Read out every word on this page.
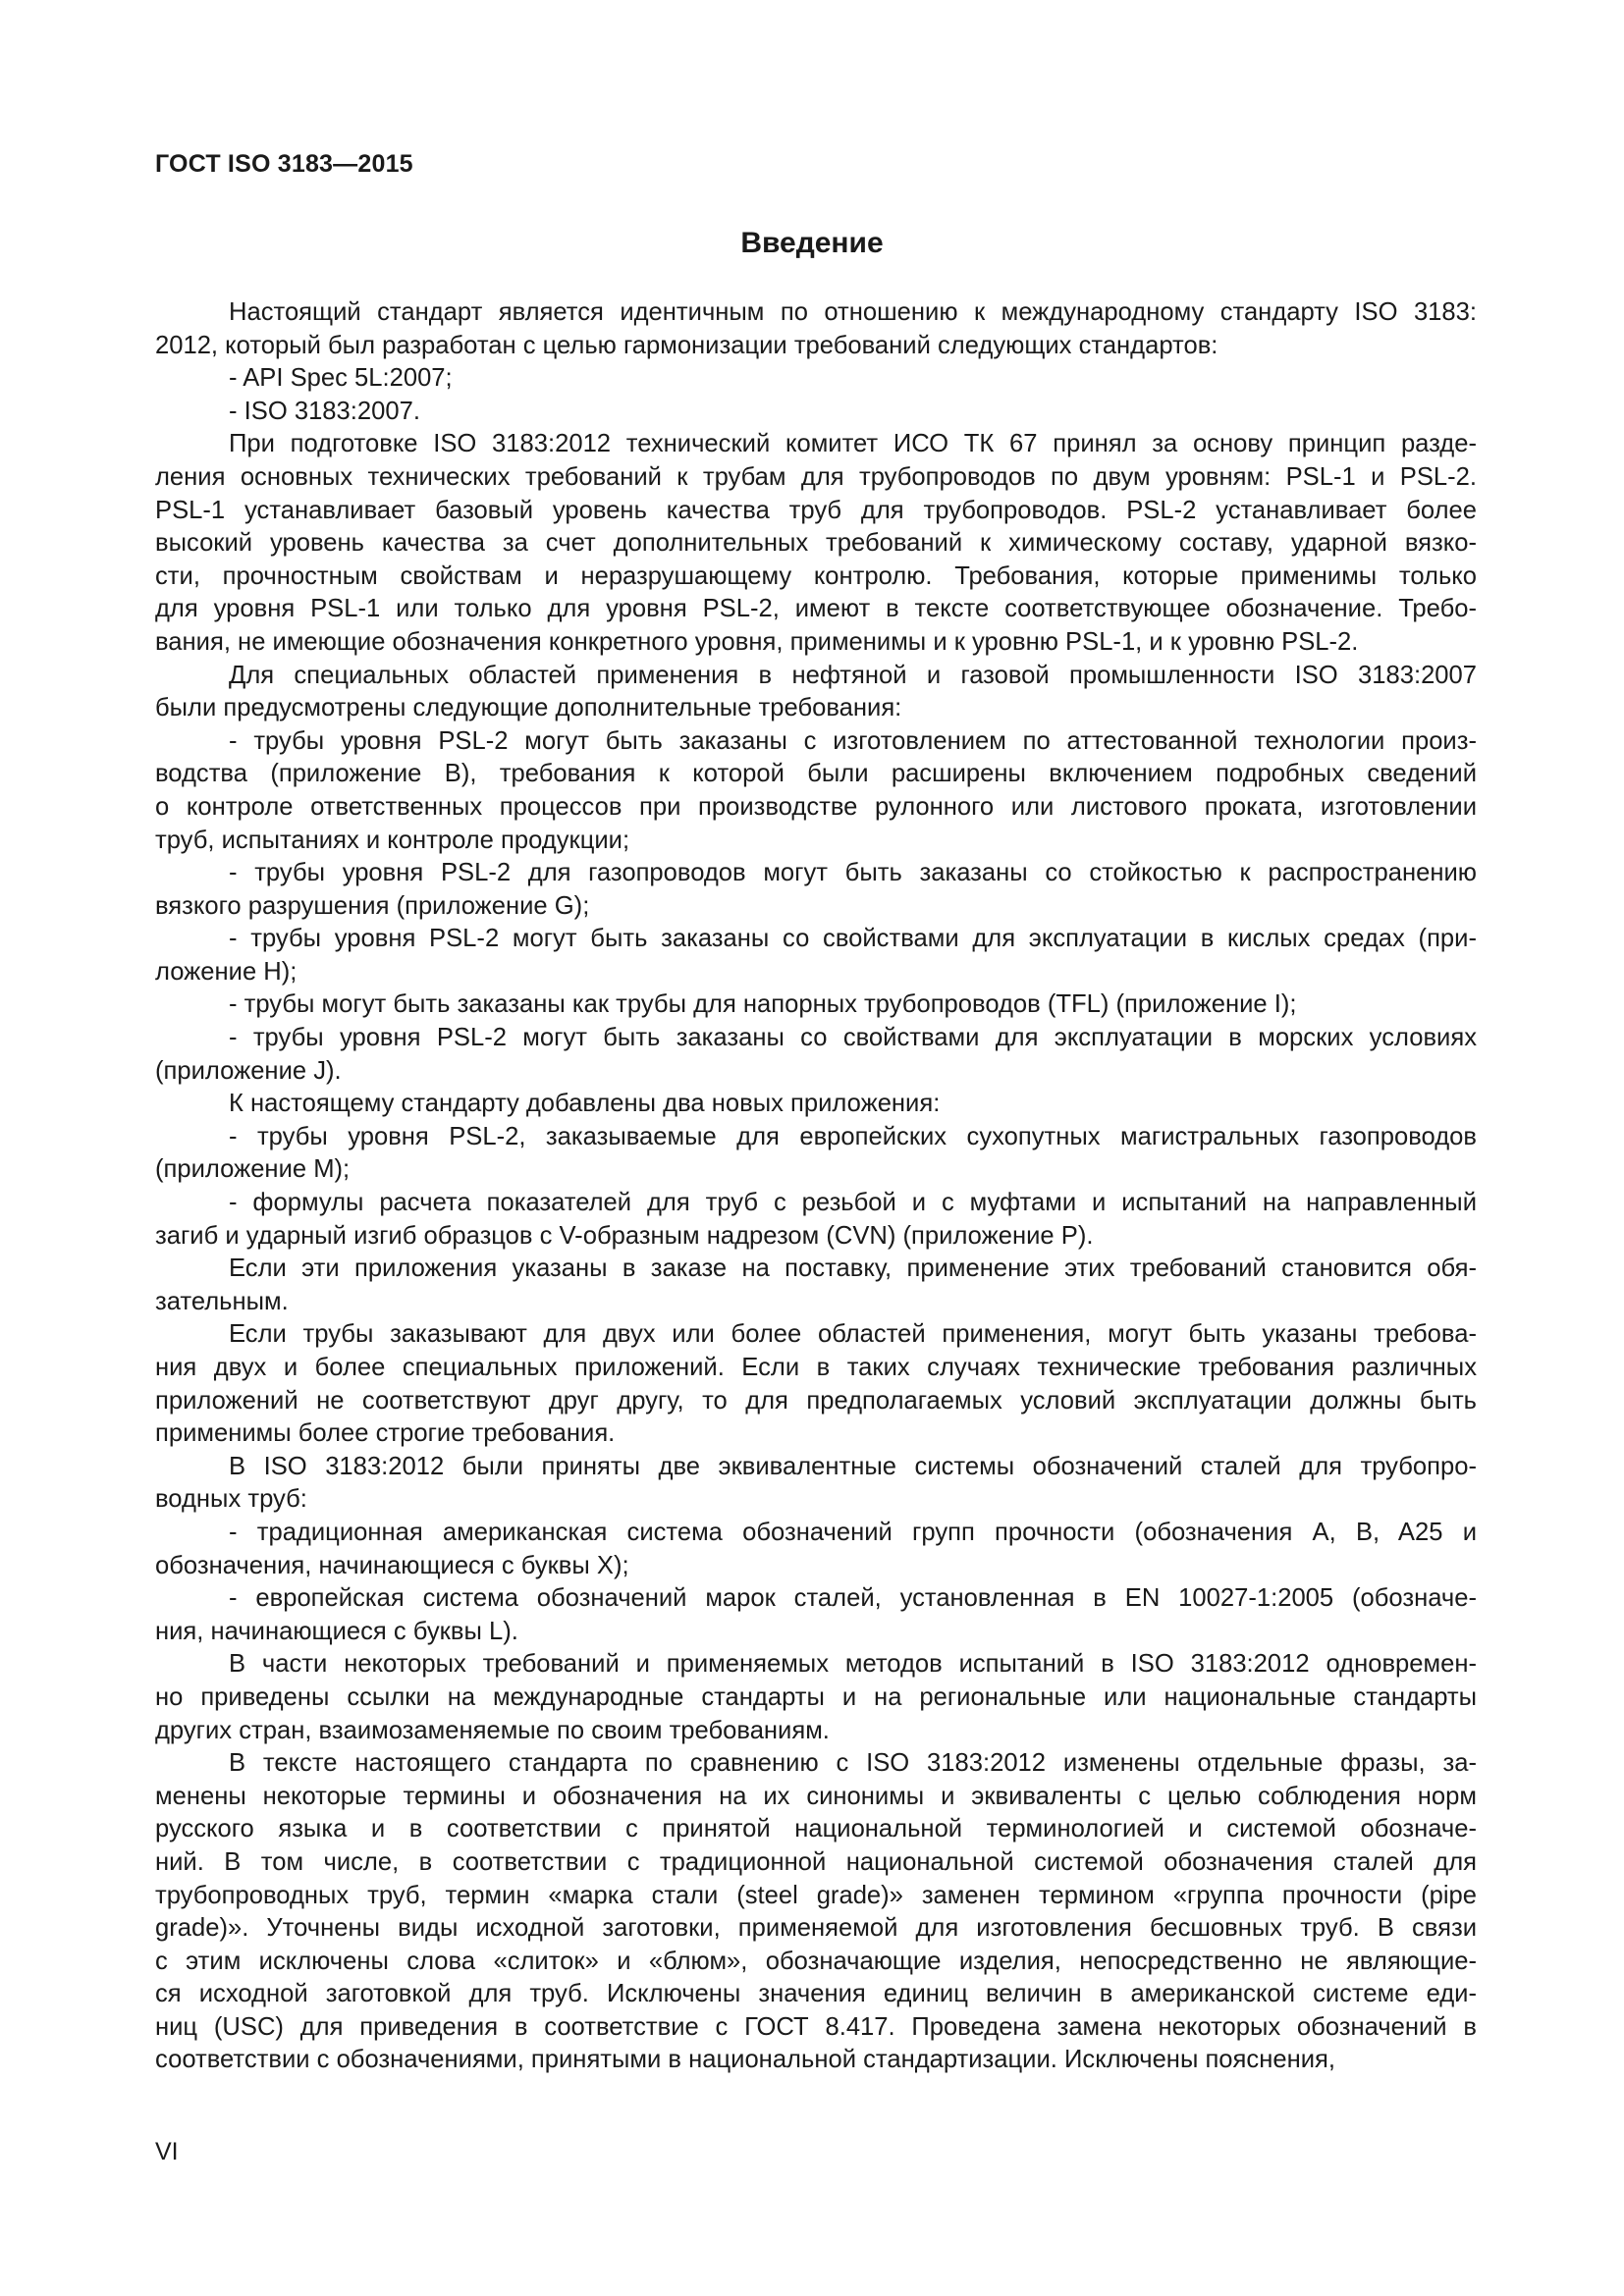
ГОСТ ISO 3183—2015
Введение

Настоящий стандарт является идентичным по отношению к международному стандарту ISO 3183:
2012, который был разработан с целью гармонизации требований следующих стандартов:

- API Spec 5L:2007;

- ISO 3183:2007.

При подготовке ISO 3183:2012 технический комитет ИСО ТК 67 принял за основу принцип разде-
ления основных технических требований к трубам для трубопроводов по двум уровням: PSL-1 и PSL-2.
PSL-1 устанавливает базовый уровень качества труб для трубопроводов. PSL-2 устанавливает более
высокий уровень качества за счет дополнительных требований к химическому составу, ударной вязко-
сти, прочностным свойствам и неразрушающему контролю. Требования, которые применимы только
для уровня PSL-1 или только для уровня PSL-2, имеют в тексте соответствующее обозначение. Требо-
вания, не имеющие обозначения конкретного уровня, применимы и к уровню PSL-1, и к уровню PSL-2.

Для специальных областей применения в нефтяной и газовой промышленности ISO 3183:2007
были предусмотрены следующие дополнительные требования:

- трубы уровня PSL-2 могут быть заказаны с изготовлением по аттестованной технологии произ-
водства (приложение B), требования к которой были расширены включением подробных сведений
о контроле ответственных процессов при производстве рулонного или листового проката, изготовлении
труб, испытаниях и контроле продукции;

- трубы уровня PSL-2 для газопроводов могут быть заказаны со стойкостью к распространению
вязкого разрушения (приложение G);

- трубы уровня PSL-2 могут быть заказаны со свойствами для эксплуатации в кислых средах (при-
ложение H);

- трубы могут быть заказаны как трубы для напорных трубопроводов (TFL) (приложение I);

- трубы уровня PSL-2 могут быть заказаны со свойствами для эксплуатации в морских условиях
(приложение J).

К настоящему стандарту добавлены два новых приложения:

- трубы уровня PSL-2, заказываемые для европейских сухопутных магистральных газопроводов
(приложение M);

- формулы расчета показателей для труб с резьбой и с муфтами и испытаний на направленный
загиб и ударный изгиб образцов с V-образным надрезом (CVN) (приложение P).

Если эти приложения указаны в заказе на поставку, применение этих требований становится обя-
зательным.

Если трубы заказывают для двух или более областей применения, могут быть указаны требова-
ния двух и более специальных приложений. Если в таких случаях технические требования различных
приложений не соответствуют друг другу, то для предполагаемых условий эксплуатации должны быть
применимы более строгие требования.

В ISO 3183:2012 были приняты две эквивалентные системы обозначений сталей для трубопро-
водных труб:

- традиционная американская система обозначений групп прочности (обозначения A, B, A25 и
обозначения, начинающиеся с буквы X);

- европейская система обозначений марок сталей, установленная в EN 10027-1:2005 (обозначе-
ния, начинающиеся с буквы L).

В части некоторых требований и применяемых методов испытаний в ISO 3183:2012 одновремен-
но приведены ссылки на международные стандарты и на региональные или национальные стандарты
других стран, взаимозаменяемые по своим требованиям.

В тексте настоящего стандарта по сравнению с ISO 3183:2012 изменены отдельные фразы, за-
менены некоторые термины и обозначения на их синонимы и эквиваленты с целью соблюдения норм
русского языка и в соответствии с принятой национальной терминологией и системой обозначе-
ний. В том числе, в соответствии с традиционной национальной системой обозначения сталей для
трубопроводных труб, термин «марка стали (steel grade)» заменен термином «группа прочности (pipe
grade)». Уточнены виды исходной заготовки, применяемой для изготовления бесшовных труб. В связи
с этим исключены слова «слиток» и «блюм», обозначающие изделия, непосредственно не являющие-
ся исходной заготовкой для труб. Исключены значения единиц величин в американской системе еди-
ниц (USC) для приведения в соответствие с ГОСТ 8.417. Проведена замена некоторых обозначений в
соответствии с обозначениями, принятыми в национальной стандартизации. Исключены пояснения,

VI
